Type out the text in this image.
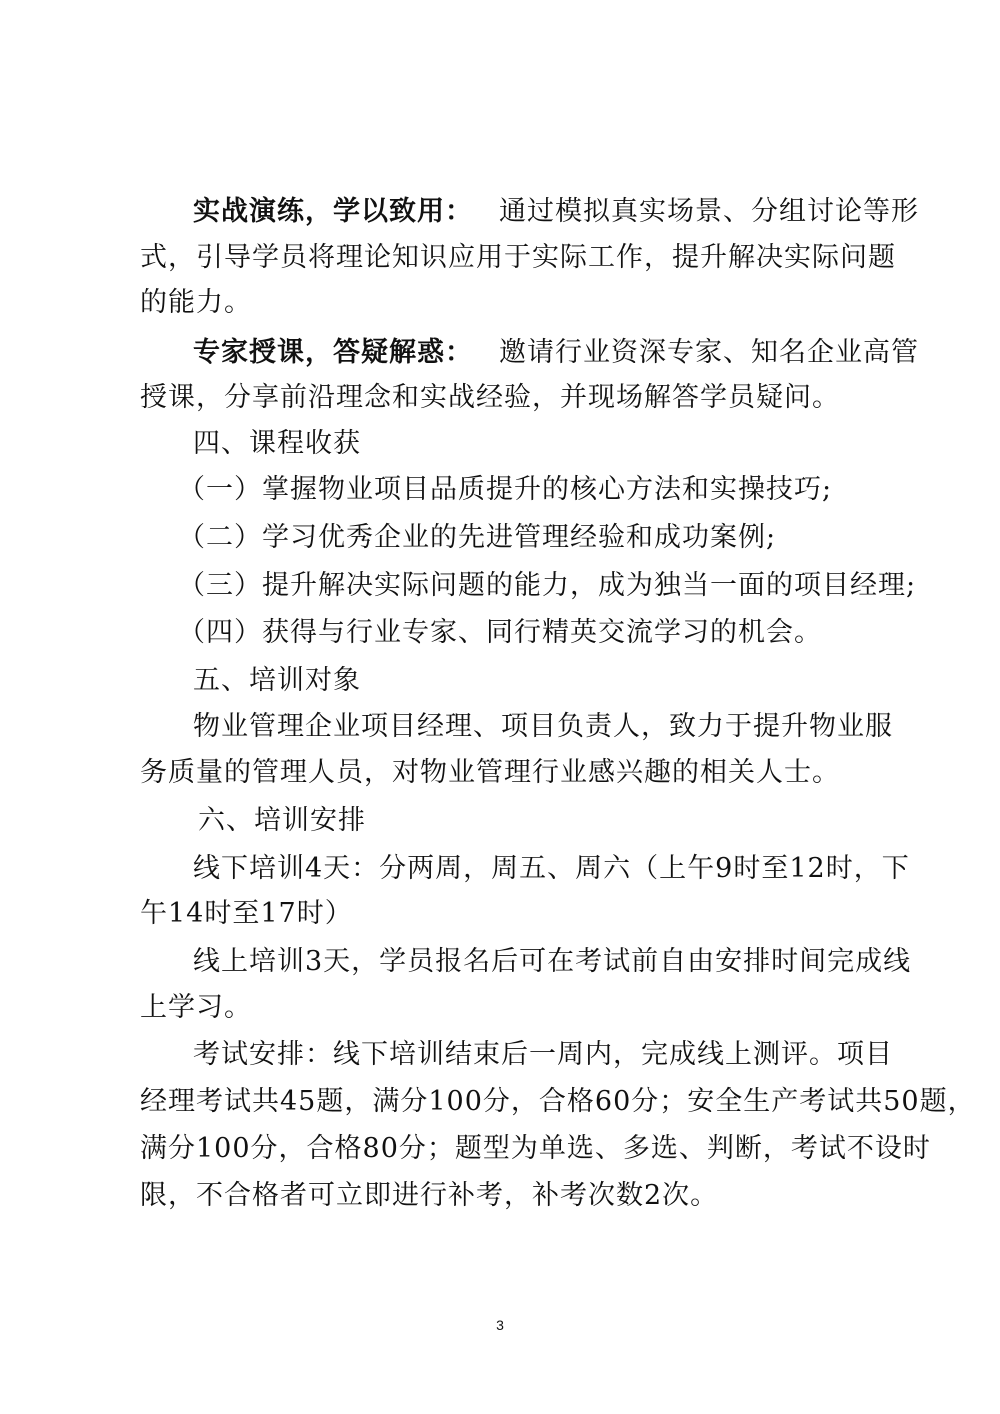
实战演练，学以致用： 通过模拟真实场景、分组讨论等形
式，引导学员将理论知识应用于实际工作，提升解决实际问题
的能力。
专家授课，答疑解惑： 邀请行业资深专家、知名企业高管
授课，分享前沿理念和实战经验，并现场解答学员疑问。
四、课程收获
（一）掌握物业项目品质提升的核心方法和实操技巧;
（二）学习优秀企业的先进管理经验和成功案例;
（三）提升解决实际问题的能力，成为独当一面的项目经理;
（四）获得与行业专家、同行精英交流学习的机会。
五、培训对象
物业管理企业项目经理、项目负责人，致力于提升物业服
务质量的管理人员，对物业管理行业感兴趣的相关人士。
六、培训安排
线下培训4天：分两周，周五、周六（上午9时至12时，下
午14时至17时）
线上培训3天，学员报名后可在考试前自由安排时间完成线
上学习。
考试安排：线下培训结束后一周内，完成线上测评。项目
经理考试共45题，满分100分，合格60分；安全生产考试共50题，
满分100分，合格80分；题型为单选、多选、判断，考试不设时
限，不合格者可立即进行补考，补考次数2次。
3
